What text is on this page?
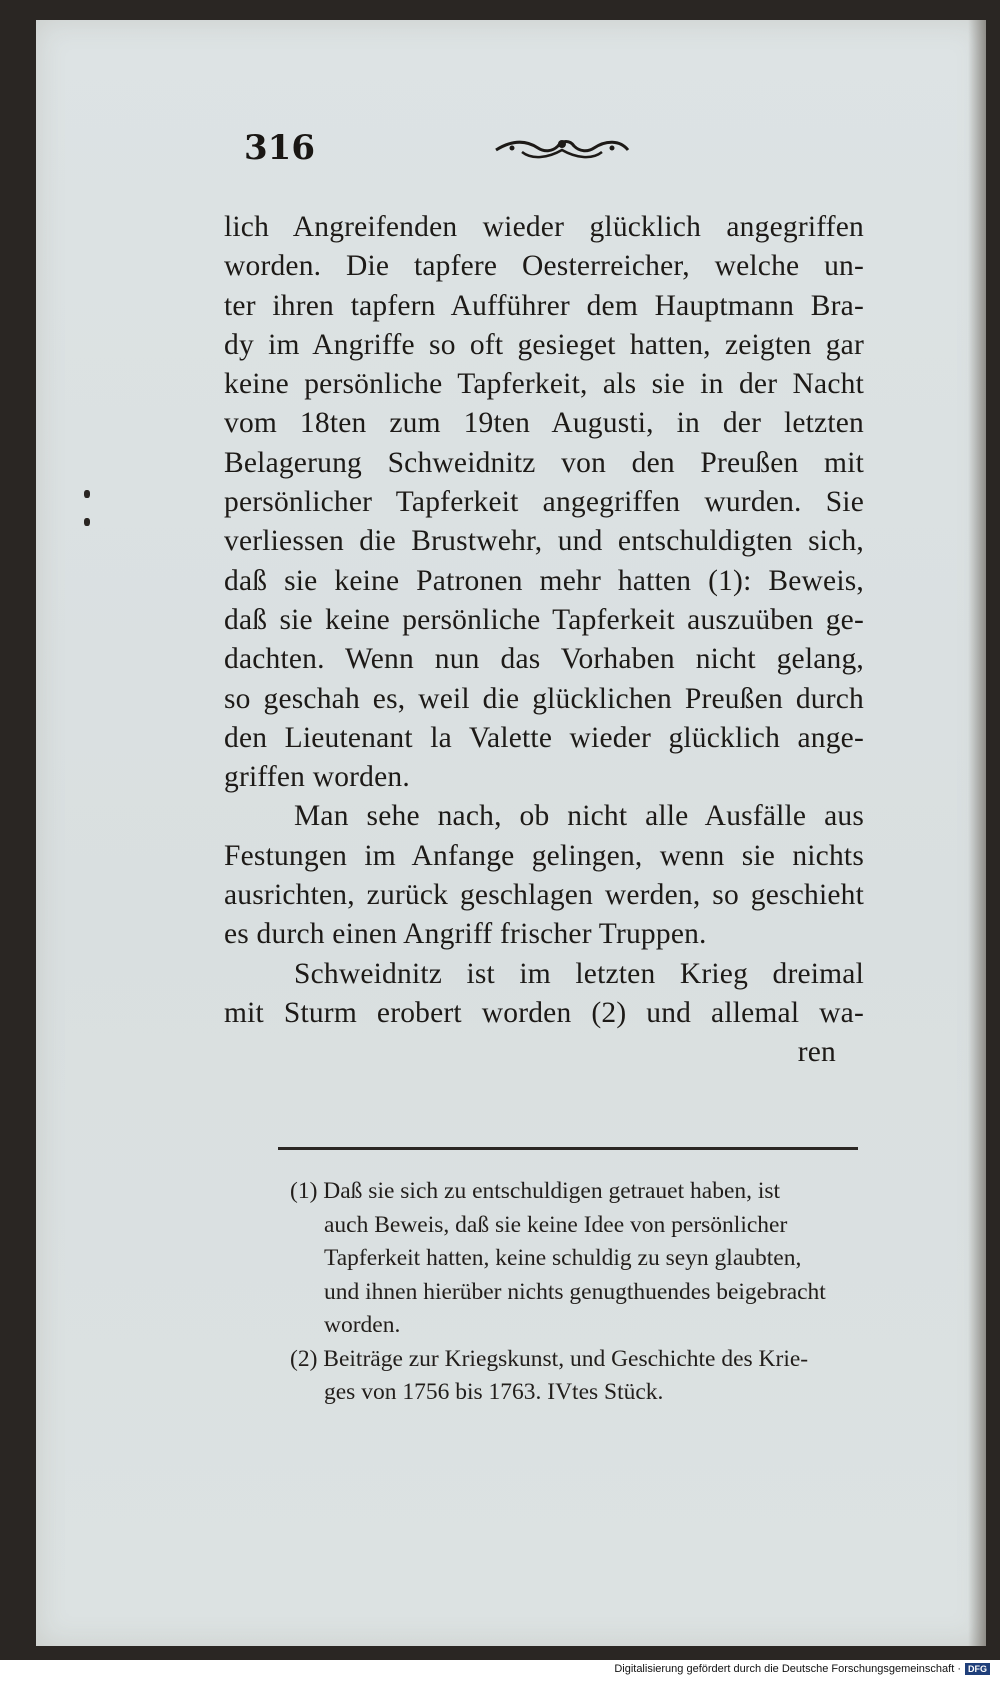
316
lich Angreifenden wieder glücklich angegriffen
worden. Die tapfere Oesterreicher, welche un-
ter ihren tapfern Aufführer dem Hauptmann Bra-
dy im Angriffe so oft gesieget hatten, zeigten gar
keine persönliche Tapferkeit, als sie in der Nacht
vom 18ten zum 19ten Augusti, in der letzten
Belagerung Schweidnitz von den Preußen mit
persönlicher Tapferkeit angegriffen wurden. Sie
verliessen die Brustwehr, und entschuldigten sich,
daß sie keine Patronen mehr hatten (1): Beweis,
daß sie keine persönliche Tapferkeit auszuüben ge-
dachten. Wenn nun das Vorhaben nicht gelang,
so geschah es, weil die glücklichen Preußen durch
den Lieutenant la Valette wieder glücklich ange-
griffen worden.
Man sehe nach, ob nicht alle Ausfälle aus
Festungen im Anfange gelingen, wenn sie nichts
ausrichten, zurück geschlagen werden, so geschieht
es durch einen Angriff frischer Truppen.
Schweidnitz ist im letzten Krieg dreimal
mit Sturm erobert worden (2) und allemal wa-
ren
(1) Daß sie sich zu entschuldigen getrauet haben, ist
auch Beweis, daß sie keine Idee von persönlicher
Tapferkeit hatten, keine schuldig zu seyn glaubten,
und ihnen hierüber nichts genugthuendes beigebracht
worden.
(2) Beiträge zur Kriegskunst, und Geschichte des Krie-
ges von 1756 bis 1763. IVtes Stück.
Digitalisierung gefördert durch die Deutsche Forschungsgemeinschaft · DFG
